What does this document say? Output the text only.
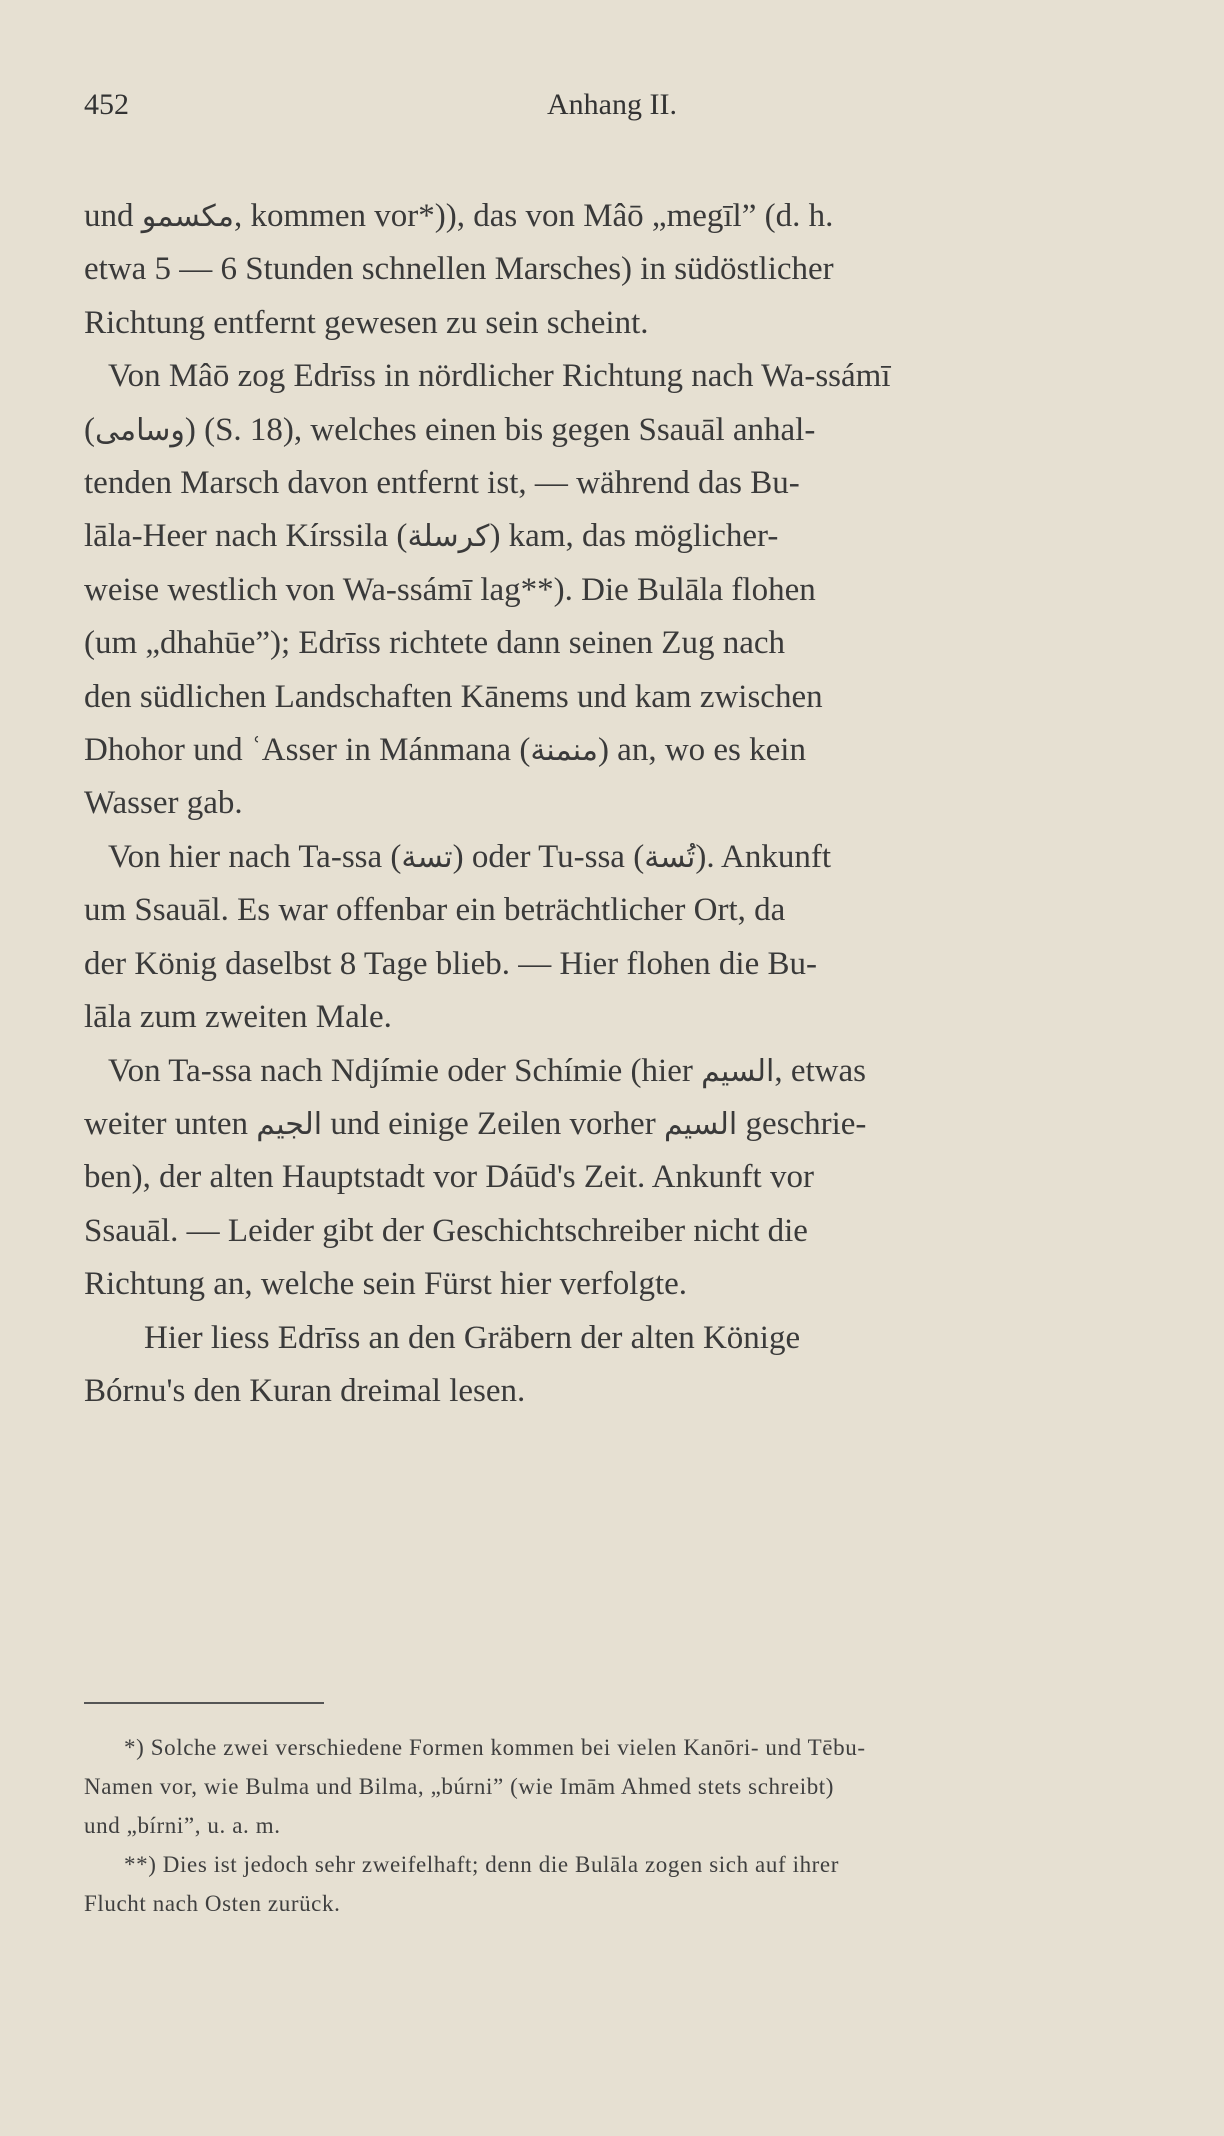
452	Anhang II.

und مكسمو, kommen vor*)), das von Mâō „megīl” (d. h.
etwa 5 — 6 Stunden schnellen Marsches) in südöstlicher
Richtung entfernt gewesen zu sein scheint.

Von Mâō zog Edrīss in nördlicher Richtung nach Wa-ssámī
(وسامى) (S. 18), welches einen bis gegen Ssauāl anhal-
tenden Marsch davon entfernt ist, — während das Bu-
lāla-Heer nach Kírssila (كرسلة) kam, das möglicher-
weise westlich von Wa-ssámī lag**). Die Bulāla flohen
(um „dhahūe”); Edrīss richtete dann seinen Zug nach
den südlichen Landschaften Kānems und kam zwischen
Dhohor und ʿAsser in Mánmana (منمنة) an, wo es kein
Wasser gab.

Von hier nach Ta-ssa (تسة) oder Tu-ssa (تُسة). Ankunft
um Ssauāl. Es war offenbar ein beträchtlicher Ort, da
der König daselbst 8 Tage blieb. — Hier flohen die Bu-
lāla zum zweiten Male.

Von Ta-ssa nach Ndjímie oder Schímie (hier السيم, etwas
weiter unten الجيم und einige Zeilen vorher السيم geschrie-
ben), der alten Hauptstadt vor Dáūd's Zeit. Ankunft vor
Ssauāl. — Leider gibt der Geschichtschreiber nicht die
Richtung an, welche sein Fürst hier verfolgte.

Hier liess Edrīss an den Gräbern der alten Könige
Bórnu's den Kuran dreimal lesen.

*) Solche zwei verschiedene Formen kommen bei vielen Kanōri- und Tēbu-
Namen vor, wie Bulma und Bilma, „búrni” (wie Imām Ahmed stets schreibt)
und „bírni”, u. a. m.

**) Dies ist jedoch sehr zweifelhaft; denn die Bulāla zogen sich auf ihrer
Flucht nach Osten zurück.
